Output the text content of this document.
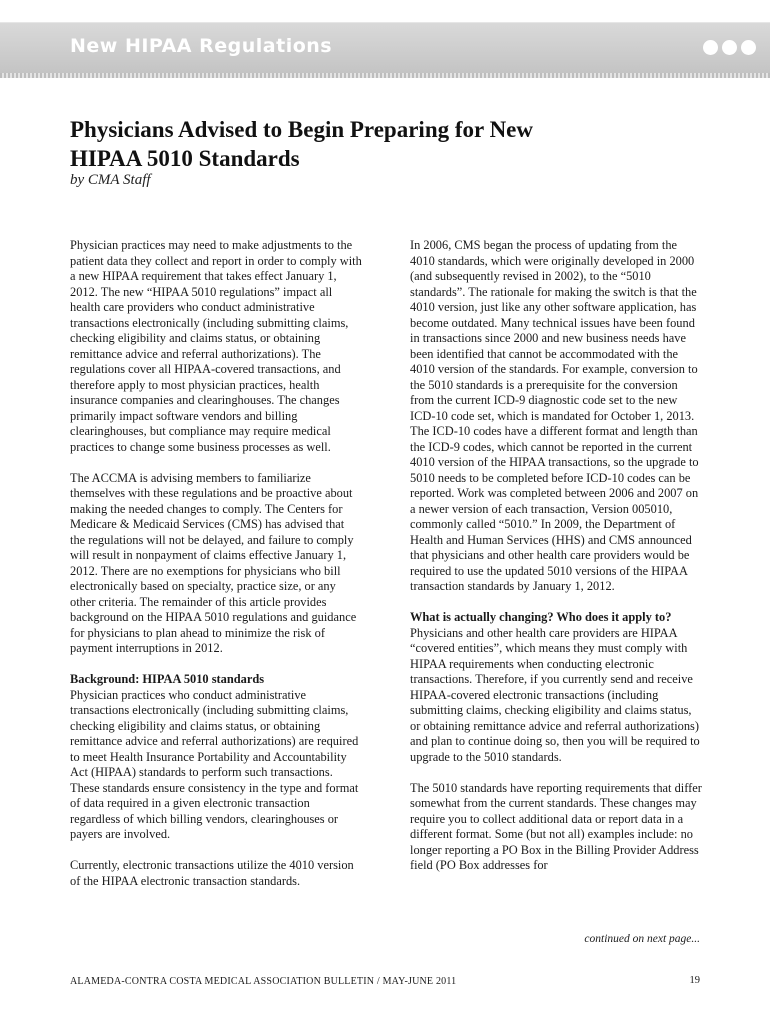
New HIPAA Regulations
Physicians Advised to Begin Preparing for New HIPAA 5010 Standards

by CMA Staff

Physician practices may need to make adjustments to the patient data they collect and report in order to comply with a new HIPAA requirement that takes effect January 1, 2012. The new “HIPAA 5010 regulations” impact all health care providers who conduct administrative transactions electronically (including submitting claims, checking eligibility and claims status, or obtaining remittance advice and referral authorizations). The regulations cover all HIPAA-covered transactions, and therefore apply to most physician practices, health insurance companies and clearinghouses. The changes primarily impact software vendors and billing clearinghouses, but compliance may require medical practices to change some business processes as well.

The ACCMA is advising members to familiarize themselves with these regulations and be proactive about making the needed changes to comply. The Centers for Medicare & Medicaid Services (CMS) has advised that the regulations will not be delayed, and failure to comply will result in nonpayment of claims effective January 1, 2012. There are no exemptions for physicians who bill electronically based on specialty, practice size, or any other criteria. The remainder of this article provides background on the HIPAA 5010 regulations and guidance for physicians to plan ahead to minimize the risk of payment interruptions in 2012.

Background: HIPAA 5010 standards

Physician practices who conduct administrative transactions electronically (including submitting claims, checking eligibility and claims status, or obtaining remittance advice and referral authorizations) are required to meet Health Insurance Portability and Accountability Act (HIPAA) standards to perform such transactions. These standards ensure consistency in the type and format of data required in a given electronic transaction regardless of which billing vendors, clearinghouses or payers are involved.

Currently, electronic transactions utilize the 4010 version of the HIPAA electronic transaction standards.

In 2006, CMS began the process of updating from the 4010 standards, which were originally developed in 2000 (and subsequently revised in 2002), to the “5010 standards”. The rationale for making the switch is that the 4010 version, just like any other software application, has become outdated. Many technical issues have been found in transactions since 2000 and new business needs have been identified that cannot be accommodated with the 4010 version of the standards. For example, conversion to the 5010 standards is a prerequisite for the conversion from the current ICD-9 diagnostic code set to the new ICD-10 code set, which is mandated for October 1, 2013. The ICD-10 codes have a different format and length than the ICD-9 codes, which cannot be reported in the current 4010 version of the HIPAA transactions, so the upgrade to 5010 needs to be completed before ICD-10 codes can be reported. Work was completed between 2006 and 2007 on a newer version of each transaction, Version 005010, commonly called “5010.” In 2009, the Department of Health and Human Services (HHS) and CMS announced that physicians and other health care providers would be required to use the updated 5010 versions of the HIPAA transaction standards by January 1, 2012.

What is actually changing? Who does it apply to?

Physicians and other health care providers are HIPAA “covered entities”, which means they must comply with HIPAA requirements when conducting electronic transactions. Therefore, if you currently send and receive HIPAA-covered electronic transactions (including submitting claims, checking eligibility and claims status, or obtaining remittance advice and referral authorizations) and plan to continue doing so, then you will be required to upgrade to the 5010 standards.

The 5010 standards have reporting requirements that differ somewhat from the current standards. These changes may require you to collect additional data or report data in a different format. Some (but not all) examples include: no longer reporting a PO Box in the Billing Provider Address field (PO Box addresses for

continued on next page...
ALAMEDA-CONTRA COSTA MEDICAL ASSOCIATION BULLETIN / MAY-JUNE 2011	19
